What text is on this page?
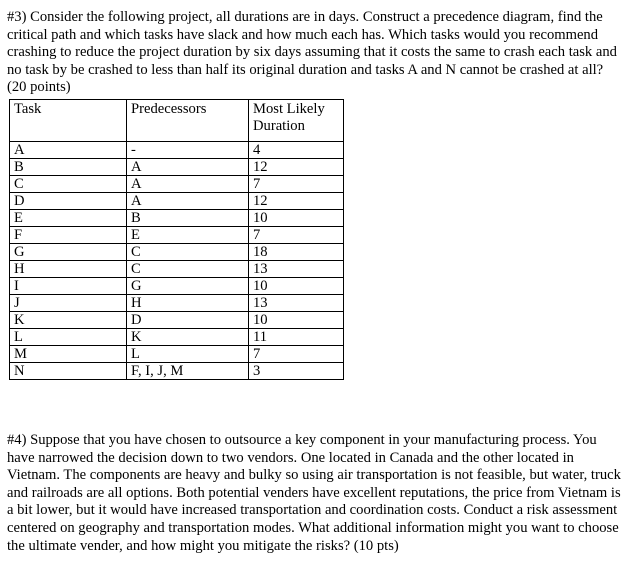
#3) Consider the following project, all durations are in days. Construct a precedence diagram, find the critical path and which tasks have slack and how much each has. Which tasks would you recommend crashing to reduce the project duration by six days assuming that it costs the same to crash each task and no task by be crashed to less than half its original duration and tasks A and N cannot be crashed at all? (20 points)

Task	Predecessors	Most Likely Duration
A	-	4
B	A	12
C	A	7
D	A	12
E	B	10
F	E	7
G	C	18
H	C	13
I	G	10
J	H	13
K	D	10
L	K	11
M	L	7
N	F, I, J, M	3

#4) Suppose that you have chosen to outsource a key component in your manufacturing process. You have narrowed the decision down to two vendors. One located in Canada and the other located in Vietnam. The components are heavy and bulky so using air transportation is not feasible, but water, truck and railroads are all options. Both potential venders have excellent reputations, the price from Vietnam is a bit lower, but it would have increased transportation and coordination costs. Conduct a risk assessment centered on geography and transportation modes. What additional information might you want to choose the ultimate vender, and how might you mitigate the risks? (10 pts)
